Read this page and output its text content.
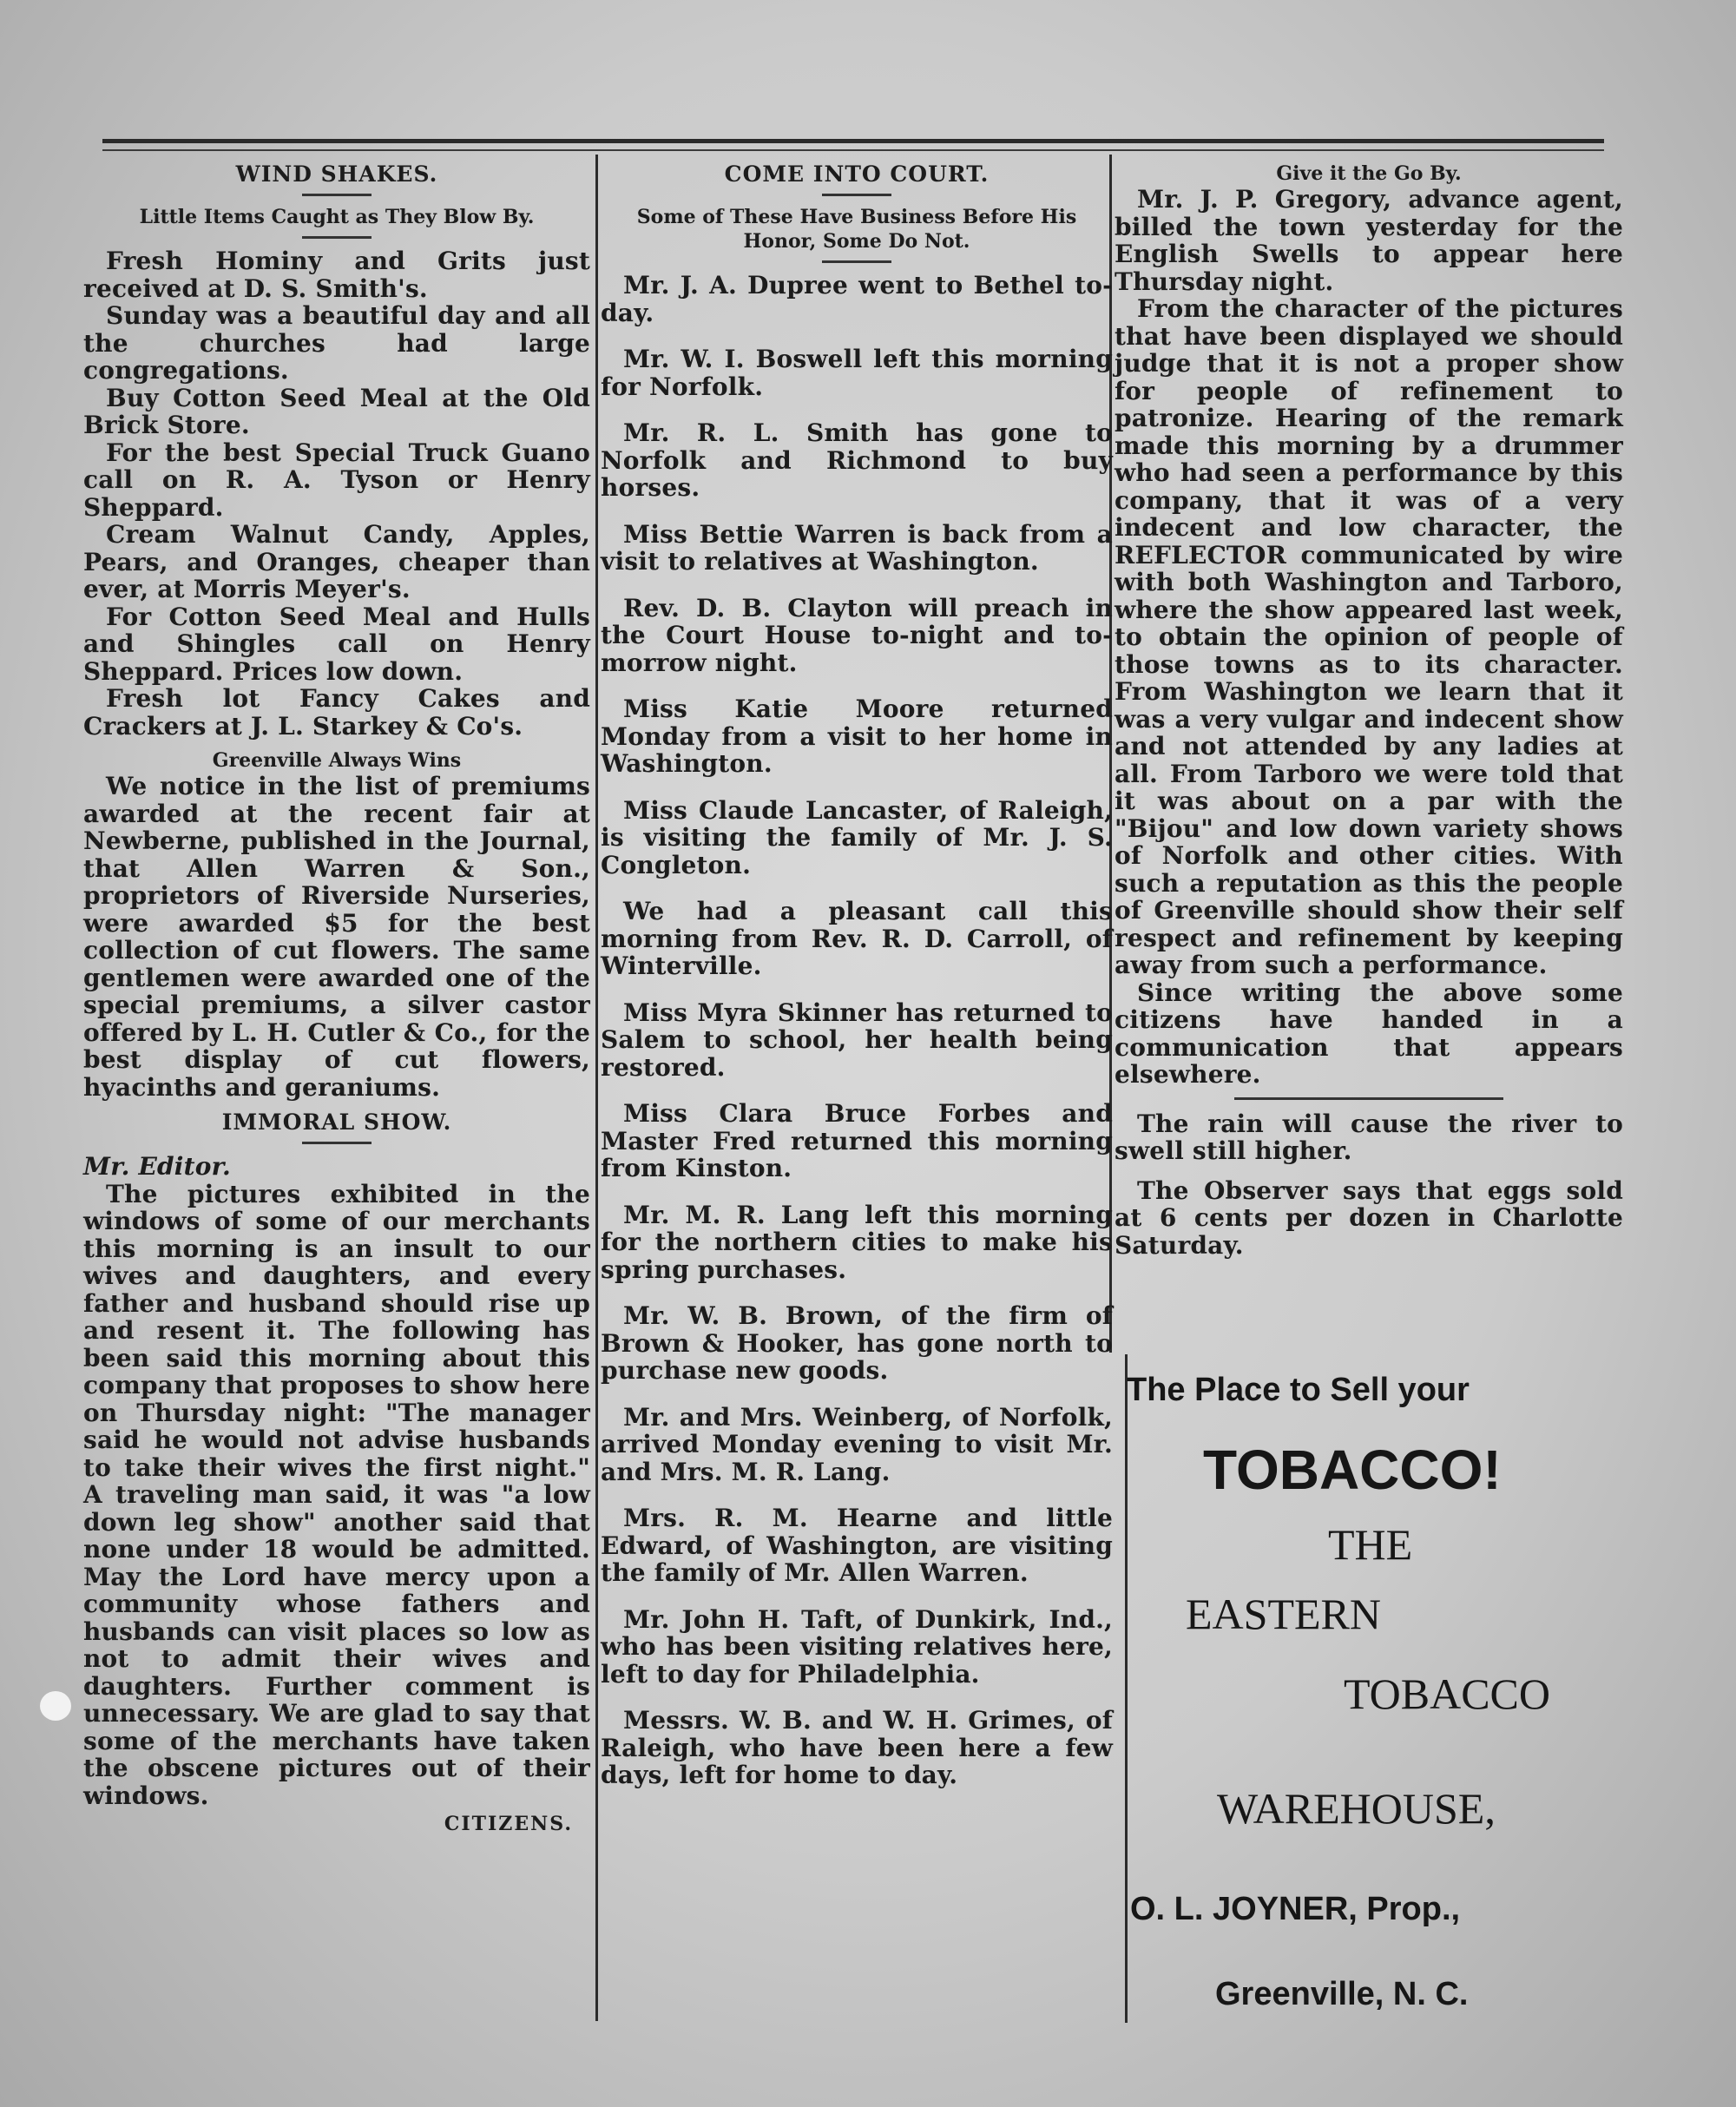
WIND SHAKES.
Little Items Caught as They Blow By.

Fresh Hominy and Grits just received at D. S. Smith's.

Sunday was a beautiful day and all the churches had large congregations.

Buy Cotton Seed Meal at the Old Brick Store.

For the best Special Truck Guano call on R. A. Tyson or Henry Sheppard.

Cream Walnut Candy, Apples, Pears, and Oranges, cheaper than ever, at Morris Meyer's.

For Cotton Seed Meal and Hulls and Shingles call on Henry Sheppard. Prices low down.

Fresh lot Fancy Cakes and Crackers at J. L. Starkey & Co's.

Greenville Always Wins

We notice in the list of premiums awarded at the recent fair at Newberne, published in the Journal, that Allen Warren & Son., proprietors of Riverside Nurseries, were awarded $5 for the best collection of cut flowers. The same gentlemen were awarded one of the special premiums, a silver castor offered by L. H. Cutler & Co., for the best display of cut flowers, hyacinths and geraniums.

IMMORAL SHOW.

Mr. Editor.

The pictures exhibited in the windows of some of our merchants this morning is an insult to our wives and daughters, and every father and husband should rise up and resent it. The following has been said this morning about this company that proposes to show here on Thursday night: "The manager said he would not advise husbands to take their wives the first night." A traveling man said, it was "a low down leg show" another said that none under 18 would be admitted. May the Lord have mercy upon a community whose fathers and husbands can visit places so low as not to admit their wives and daughters. Further comment is unnecessary. We are glad to say that some of the merchants have taken the obscene pictures out of their windows.

CITIZENS.
COME INTO COURT.
Some of These Have Business Before His Honor, Some Do Not.

Mr. J. A. Dupree went to Bethel to-day.

Mr. W. I. Boswell left this morning for Norfolk.

Mr. R. L. Smith has gone to Norfolk and Richmond to buy horses.

Miss Bettie Warren is back from a visit to relatives at Washington.

Rev. D. B. Clayton will preach in the Court House to-night and to-morrow night.

Miss Katie Moore returned Monday from a visit to her home in Washington.

Miss Claude Lancaster, of Raleigh, is visiting the family of Mr. J. S. Congleton.

We had a pleasant call this morning from Rev. R. D. Carroll, of Winterville.

Miss Myra Skinner has returned to Salem to school, her health being restored.

Miss Clara Bruce Forbes and Master Fred returned this morning from Kinston.

Mr. M. R. Lang left this morning for the northern cities to make his spring purchases.

Mr. W. B. Brown, of the firm of Brown & Hooker, has gone north to purchase new goods.

Mr. and Mrs. Weinberg, of Norfolk, arrived Monday evening to visit Mr. and Mrs. M. R. Lang.

Mrs. R. M. Hearne and little Edward, of Washington, are visiting the family of Mr. Allen Warren.

Mr. John H. Taft, of Dunkirk, Ind., who has been visiting relatives here, left to day for Philadelphia.

Messrs. W. B. and W. H. Grimes, of Raleigh, who have been here a few days, left for home to day.

Give it the Go By.

Mr. J. P. Gregory, advance agent, billed the town yesterday for the English Swells to appear here Thursday night.

From the character of the pictures that have been displayed we should judge that it is not a proper show for people of refinement to patronize. Hearing of the remark made this morning by a drummer who had seen a performance by this company, that it was of a very indecent and low character, the REFLECTOR communicated by wire with both Washington and Tarboro, where the show appeared last week, to obtain the opinion of people of those towns as to its character. From Washington we learn that it was a very vulgar and indecent show and not attended by any ladies at all. From Tarboro we were told that it was about on a par with the "Bijou" and low down variety shows of Norfolk and other cities. With such a reputation as this the people of Greenville should show their self respect and refinement by keeping away from such a performance.

Since writing the above some citizens have handed in a communication that appears elsewhere.

The rain will cause the river to swell still higher.

The Observer says that eggs sold at 6 cents per dozen in Charlotte Saturday.

The Place to Sell your
TOBACCO!
THE
EASTERN
TOBACCO
WAREHOUSE,
O. L. JOYNER, Prop.,
Greenville, N. C.
